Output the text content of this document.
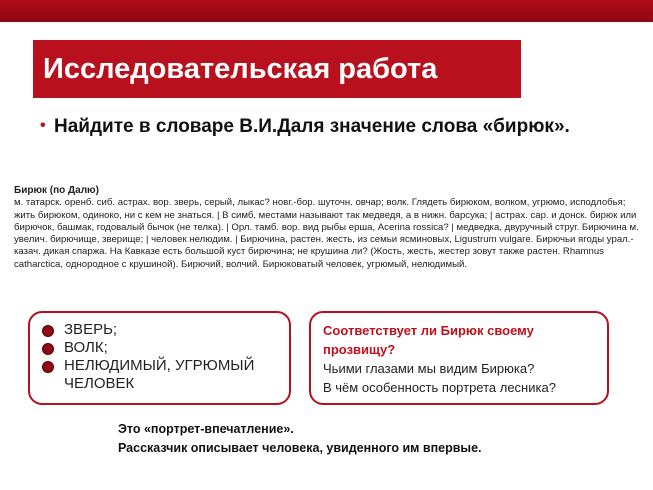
Исследовательская работа
• Найдите в словаре В.И.Даля значение слова «бирюк».
Бирюк (по Далю)
м. татарск. оренб. сиб. астрах. вор. зверь, серый, лыкас? новг.-бор. шуточн. овчар; волк. Глядеть бирюком, волком, угрюмо, исподлобья; жить бирюком, одиноко, ни с кем не знаться. | В симб. местами называют так медведя, а в нижн. барсука; | астрах. сар. и донск. бирюк или бирючок, башмак, годовалый бычок (не телка). | Орл. тамб. вор. вид рыбы ерша, Acerina rossica? | медведка, двуручный струг. Бирючина м. увелич. бирючище, зверище; | человек нелюдим. | Бирючина, растен. жесть, из семьи ясминовых, Ligustrum vulgare. Бирючьи ягоды урал.-казач. дикая спаржа. На Кавказе есть большой куст бирючина; не крушина ли? (Жость, жесть, жестер зовут также растен. Rhamnus catharctica, однородное с крушиной). Бирючий, волчий. Бирюковатый человек, угрюмый, нелюдимый.
ЗВЕРЬ;
ВОЛК;
НЕЛЮДИМЫЙ, УГРЮМЫЙ ЧЕЛОВЕК
Соответствует ли Бирюк своему прозвищу?
Чьими глазами мы видим Бирюка?
В чём особенность портрета лесника?
Это «портрет-впечатление».
Рассказчик описывает человека, увиденного им впервые.
